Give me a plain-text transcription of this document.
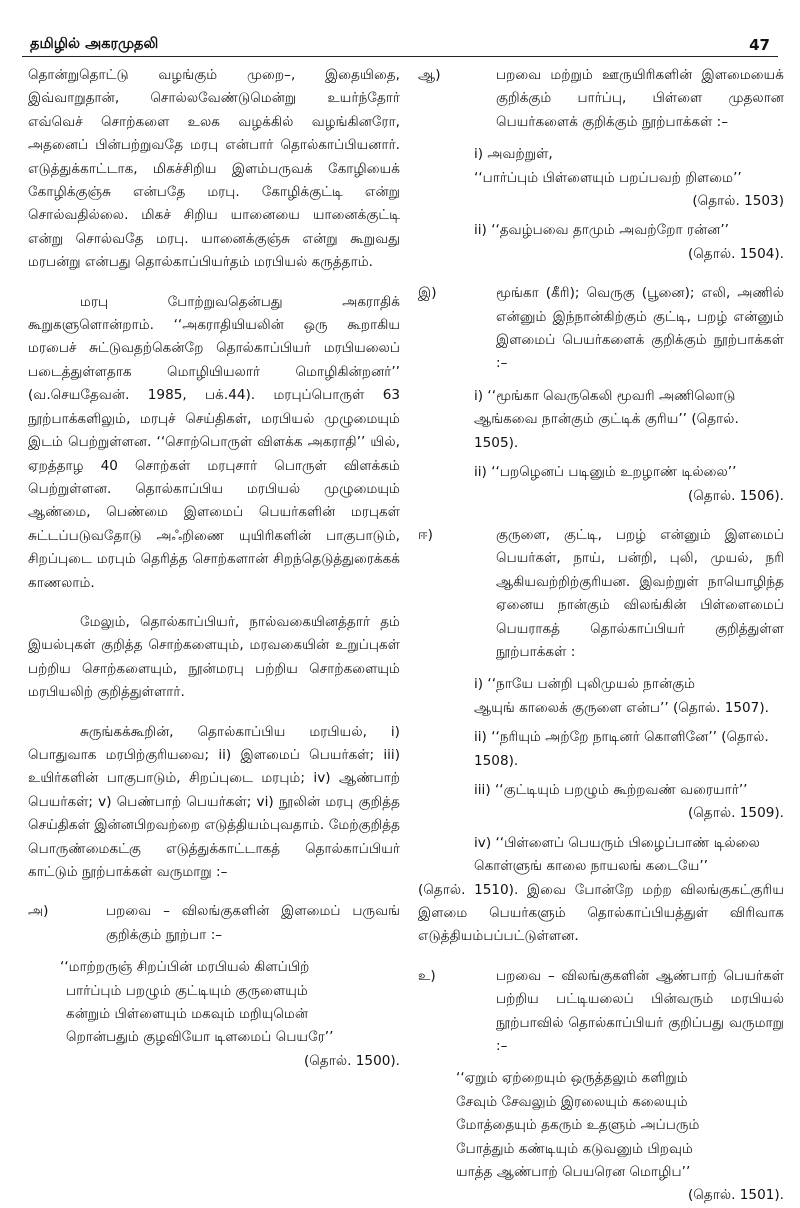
தமிழில் அகரமுதலி	47

தொன்றுதொட்டு வழங்கும் முறை–, இதையிதை, இவ்வாறுதான், சொல்லவேண்டுமென்று உயர்ந்தோர் எவ்வெச் சொற்களை உலக வழக்கில் வழங்கினரோ, அதனைப் பின்பற்றுவதே மரபு என்பார் தொல்காப்பியனார். எடுத்துக்காட்டாக, மிகச்சிறிய இளம்பருவக் கோழியைக் கோழிக்குஞ்சு என்பதே மரபு. கோழிக்குட்டி என்று சொல்வதில்லை. மிகச் சிறிய யானையை யானைக்குட்டி என்று சொல்வதே மரபு. யானைக்குஞ்சு என்று கூறுவது மரபன்று என்பது தொல்காப்பியர்தம் மரபியல் கருத்தாம்.

மரபு போற்றுவதென்பது அகராதிக் கூறுகளுளொன்றாம். ‘‘அகராதியியலின் ஒரு கூறாகிய மரபைச் சுட்டுவதற்கென்றே தொல்காப்பியர் மரபியலைப் படைத்துள்ளதாக மொழியியலார் மொழிகின்றனர்’’ (வ.செயதேவன். 1985, பக்.44). மரபுப்பொருள் 63 நூற்பாக்களிலும், மரபுச் செய்திகள், மரபியல் முழுமையும் இடம் பெற்றுள்ளன. ‘‘சொற்பொருள் விளக்க அகராதி’’ யில், ஏறத்தாழ 40 சொற்கள் மரபுசார் பொருள் விளக்கம் பெற்றுள்ளன. தொல்காப்பிய மரபியல் முழுமையும் ஆண்மை, பெண்மை இளமைப் பெயர்களின் மரபுகள் சுட்டப்படுவதோடு அஃறிணை யுயிரிகளின் பாகுபாடும், சிறப்புடை மரபும் தெரித்த சொற்களான் சிறந்தெடுத்துரைக்கக் காணலாம்.

மேலும், தொல்காப்பியர், நால்வகையினத்தார் தம் இயல்புகள் குறித்த சொற்களையும், மரவகையின் உறுப்புகள் பற்றிய சொற்களையும், நூன்மரபு பற்றிய சொற்களையும் மரபியலிற் குறித்துள்ளார்.

சுருங்கக்கூறின், தொல்காப்பிய மரபியல், i) பொதுவாக மரபிற்குரியவை; ii) இளமைப் பெயர்கள்; iii) உயிர்களின் பாகுபாடும், சிறப்புடை மரபும்; iv) ஆண்பாற் பெயர்கள்; v) பெண்பாற் பெயர்கள்; vi) நூலின் மரபு குறித்த செய்திகள் இன்னபிறவற்றை எடுத்தியம்புவதாம். மேற்குறித்த பொருண்மைகட்கு எடுத்துக்காட்டாகத் தொல்காப்பியர் காட்டும் நூற்பாக்கள் வருமாறு :–

அ)	பறவை – விலங்குகளின் இளமைப் பருவங் குறிக்கும் நூற்பா :–
‘‘மாற்றருஞ் சிறப்பின் மரபியல் கிளப்பிற்
பார்ப்பும் பறழும் குட்டியும் குருளையும்
கன்றும் பிள்ளையும் மகவும் மறியுமென்
றொன்பதும் குழவியோ டிளமைப் பெயரே’’
(தொல். 1500).
ஆ)	பறவை மற்றும் ஊருயிரிகளின் இளமையைக் குறிக்கும் பார்ப்பு, பிள்ளை முதலான பெயர்களைக் குறிக்கும் நூற்பாக்கள் :–
i) அவற்றுள்,
‘‘பார்ப்பும் பிள்ளையும் பறப்பவற் றிளமை’’
(தொல். 1503)
ii) ‘‘தவழ்பவை தாமும் அவற்றோ ரன்ன’’
(தொல். 1504).
இ)	மூங்கா (கீரி); வெருகு (பூனை); எலி, அணில் என்னும் இந்நான்கிற்கும் குட்டி, பறழ் என்னும் இளமைப் பெயர்களைக் குறிக்கும் நூற்பாக்கள் :–
i) ‘‘மூங்கா வெருகெலி மூவரி அணிலொடு
ஆங்கவை நான்கும் குட்டிக் குரிய’’ (தொல். 1505).
ii) ‘‘பறழெனப் படினும் உறழாண் டில்லை’’
(தொல். 1506).
ஈ)	குருளை, குட்டி, பறழ் என்னும் இளமைப் பெயர்கள், நாய், பன்றி, புலி, முயல், நரி ஆகியவற்றிற்குரியன. இவற்றுள் நாயொழிந்த ஏனைய நான்கும் விலங்கின் பிள்ளைமைப் பெயராகத் தொல்காப்பியர் குறித்துள்ள நூற்பாக்கள் :
i) ‘‘நாயே பன்றி புலிமுயல் நான்கும்
ஆயுங் காலைக் குருளை என்ப’’ (தொல். 1507).
ii) ‘‘நரியும் அற்றே நாடினர் கொளினே’’ (தொல். 1508).
iii) ‘‘குட்டியும் பறழும் கூற்றவண் வரையார்’’
(தொல். 1509).
iv) ‘‘பிள்ளைப் பெயரும் பிழைப்பாண் டில்லை
கொள்ளுங் காலை நாயலங் கடையே’’

(தொல். 1510). இவை போன்றே மற்ற விலங்குகட்குரிய இளமை பெயர்களும் தொல்காப்பியத்துள் விரிவாக எடுத்தியம்பப்பட்டுள்ளன.

உ)	பறவை – விலங்குகளின் ஆண்பாற் பெயர்கள் பற்றிய பட்டியலைப் பின்வரும் மரபியல் நூற்பாவில் தொல்காப்பியர் குறிப்பது வருமாறு :–
‘‘ஏறும் ஏற்றையும் ஒருத்தலும் களிறும்
சேவும் சேவலும் இரலையும் கலையும்
மோத்தையும் தகரும் உதளும் அப்பரும்
போத்தும் கண்டியும் கடுவனும் பிறவும்
யாத்த ஆண்பாற் பெயரென மொழிப’’
(தொல். 1501).
